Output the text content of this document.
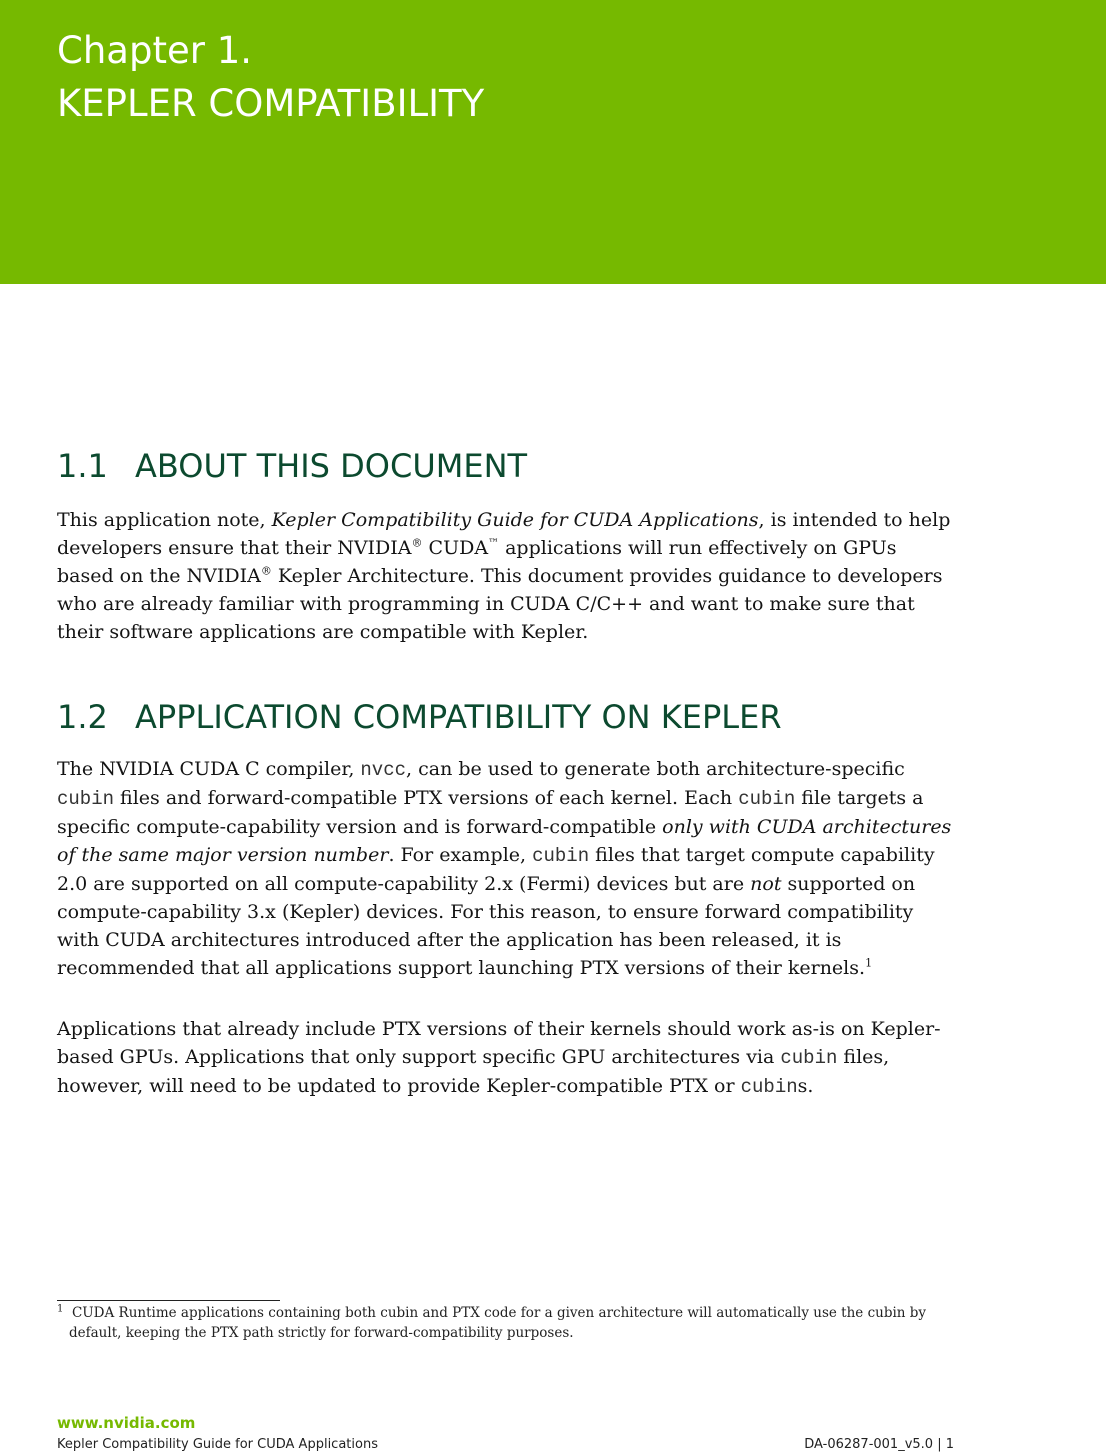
Chapter 1.
KEPLER COMPATIBILITY
1.1 ABOUT THIS DOCUMENT

This application note, Kepler Compatibility Guide for CUDA Applications, is intended to help developers ensure that their NVIDIA® CUDA™ applications will run effectively on GPUs based on the NVIDIA® Kepler Architecture. This document provides guidance to developers who are already familiar with programming in CUDA C/C++ and want to make sure that their software applications are compatible with Kepler.

1.2 APPLICATION COMPATIBILITY ON KEPLER

The NVIDIA CUDA C compiler, nvcc, can be used to generate both architecture-specific cubin files and forward-compatible PTX versions of each kernel. Each cubin file targets a specific compute-capability version and is forward-compatible only with CUDA architectures of the same major version number. For example, cubin files that target compute capability 2.0 are supported on all compute-capability 2.x (Fermi) devices but are not supported on compute-capability 3.x (Kepler) devices. For this reason, to ensure forward compatibility with CUDA architectures introduced after the application has been released, it is recommended that all applications support launching PTX versions of their kernels.$^1$

Applications that already include PTX versions of their kernels should work as-is on Kepler-based GPUs. Applications that only support specific GPU architectures via cubin files, however, will need to be updated to provide Kepler-compatible PTX or cubins.

$^1$ CUDA Runtime applications containing both cubin and PTX code for a given architecture will automatically use the cubin by default, keeping the PTX path strictly for forward-compatibility purposes.

www.nvidia.com
Kepler Compatibility Guide for CUDA Applications	DA-06287-001_v5.0 | 1
